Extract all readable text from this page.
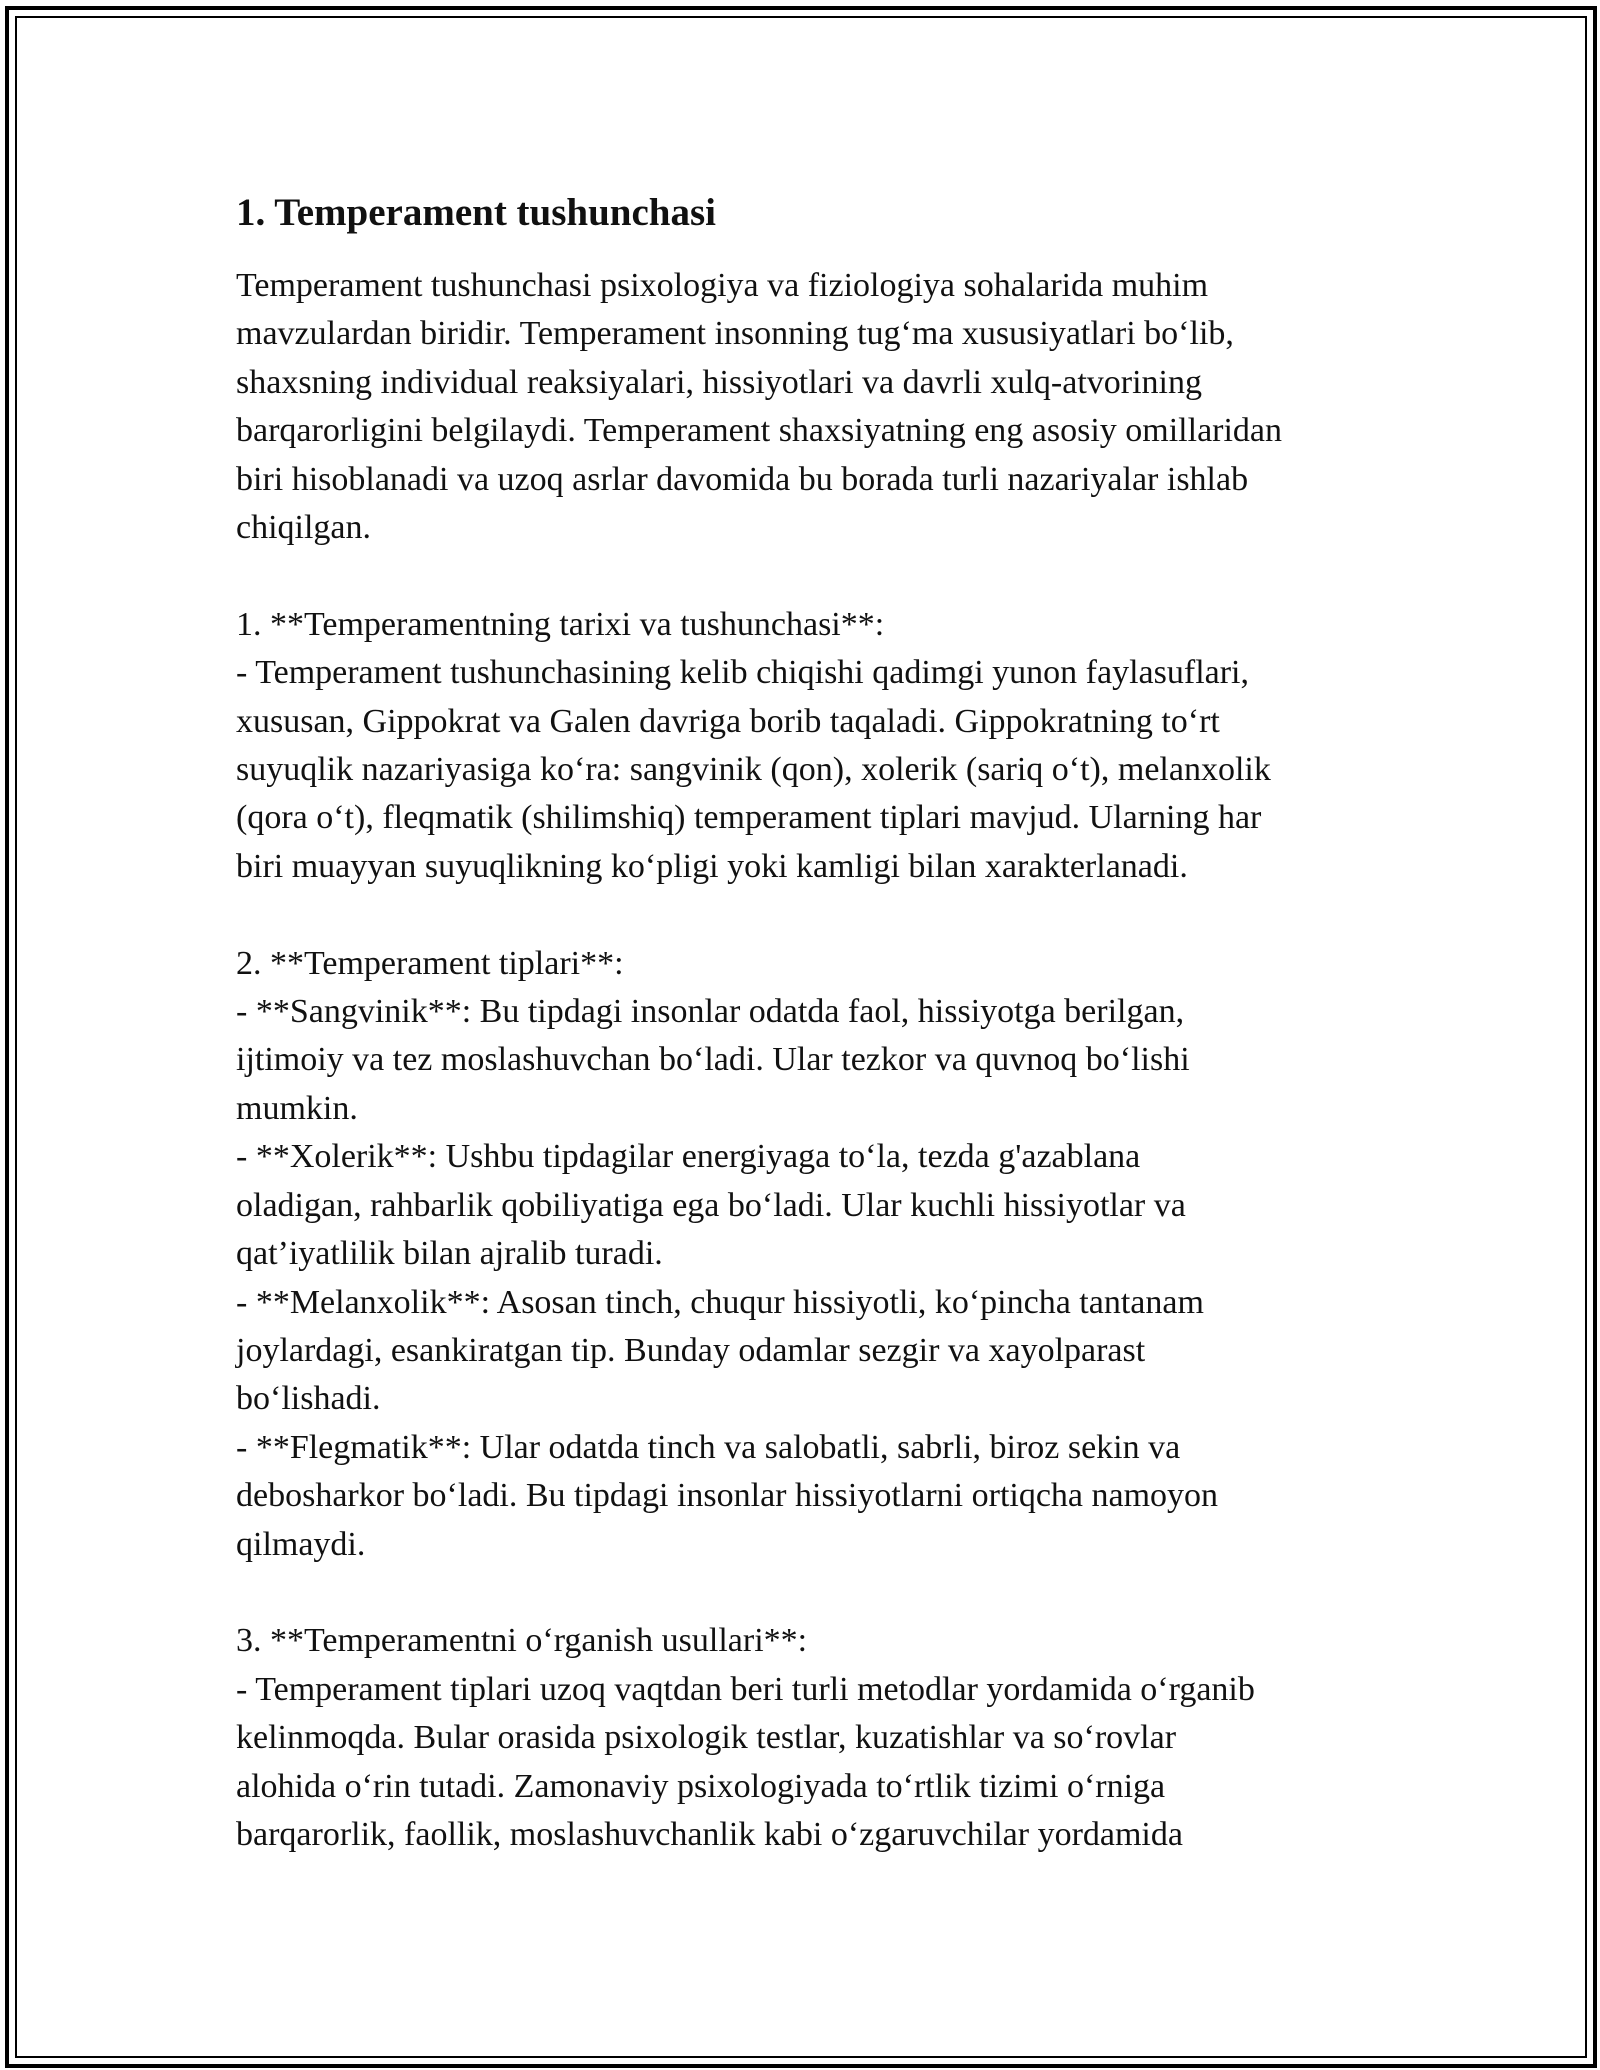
1. Temperament tushunchasi

Temperament tushunchasi psixologiya va fiziologiya sohalarida muhim
mavzulardan biridir. Temperament insonning tug‘ma xususiyatlari bo‘lib,
shaxsning individual reaksiyalari, hissiyotlari va davrli xulq-atvorining
barqarorligini belgilaydi. Temperament shaxsiyatning eng asosiy omillaridan
biri hisoblanadi va uzoq asrlar davomida bu borada turli nazariyalar ishlab
chiqilgan.

1. **Temperamentning tarixi va tushunchasi**:

- Temperament tushunchasining kelib chiqishi qadimgi yunon faylasuflari,
xususan, Gippokrat va Galen davriga borib taqaladi. Gippokratning to‘rt
suyuqlik nazariyasiga ko‘ra: sangvinik (qon), xolerik (sariq o‘t), melanxolik
(qora o‘t), fleqmatik (shilimshiq) temperament tiplari mavjud. Ularning har
biri muayyan suyuqlikning ko‘pligi yoki kamligi bilan xarakterlanadi.

2. **Temperament tiplari**:

- **Sangvinik**: Bu tipdagi insonlar odatda faol, hissiyotga berilgan,
ijtimoiy va tez moslashuvchan bo‘ladi. Ular tezkor va quvnoq bo‘lishi
mumkin.

- **Xolerik**: Ushbu tipdagilar energiyaga to‘la, tezda g'azablana
oladigan, rahbarlik qobiliyatiga ega bo‘ladi. Ular kuchli hissiyotlar va
qat’iyatlilik bilan ajralib turadi.

- **Melanxolik**: Asosan tinch, chuqur hissiyotli, ko‘pincha tantanam
joylardagi, esankiratgan tip. Bunday odamlar sezgir va xayolparast
bo‘lishadi.

- **Flegmatik**: Ular odatda tinch va salobatli, sabrli, biroz sekin va
debosharkor bo‘ladi. Bu tipdagi insonlar hissiyotlarni ortiqcha namoyon
qilmaydi.

3. **Temperamentni o‘rganish usullari**:

- Temperament tiplari uzoq vaqtdan beri turli metodlar yordamida o‘rganib
kelinmoqda. Bular orasida psixologik testlar, kuzatishlar va so‘rovlar
alohida o‘rin tutadi. Zamonaviy psixologiyada to‘rtlik tizimi o‘rniga
barqarorlik, faollik, moslashuvchanlik kabi o‘zgaruvchilar yordamida
